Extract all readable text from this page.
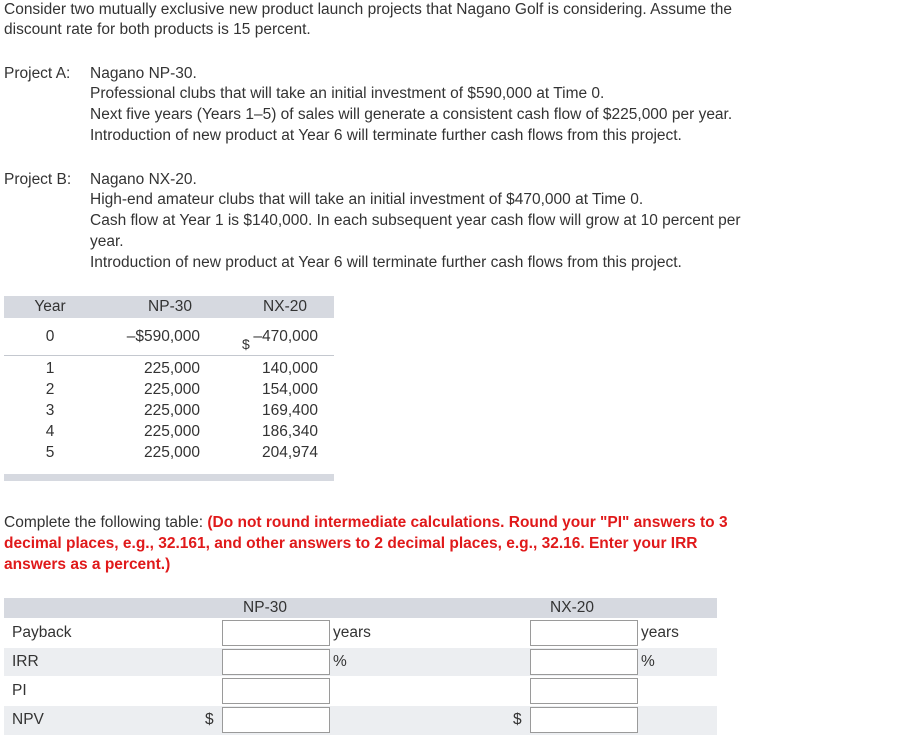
Consider two mutually exclusive new product launch projects that Nagano Golf is considering. Assume the
discount rate for both products is 15 percent.
Project A: Nagano NP-30.
Professional clubs that will take an initial investment of $590,000 at Time 0.
Next five years (Years 1–5) of sales will generate a consistent cash flow of $225,000 per year.
Introduction of new product at Year 6 will terminate further cash flows from this project.
Project B: Nagano NX-20.
High-end amateur clubs that will take an initial investment of $470,000 at Time 0.
Cash flow at Year 1 is $140,000. In each subsequent year cash flow will grow at 10 percent per
year.
Introduction of new product at Year 6 will terminate further cash flows from this project.
Year	NP-30	NX-20
0	–$590,000	$ –470,000
1	225,000	140,000
2	225,000	154,000
3	225,000	169,400
4	225,000	186,340
5	225,000	204,974
Complete the following table: (Do not round intermediate calculations. Round your "PI" answers to 3
decimal places, e.g., 32.161, and other answers to 2 decimal places, e.g., 32.16. Enter your IRR
answers as a percent.)
NP-30	NX-20
Payback	years	years
IRR	%	%
PI
NPV	$	$
